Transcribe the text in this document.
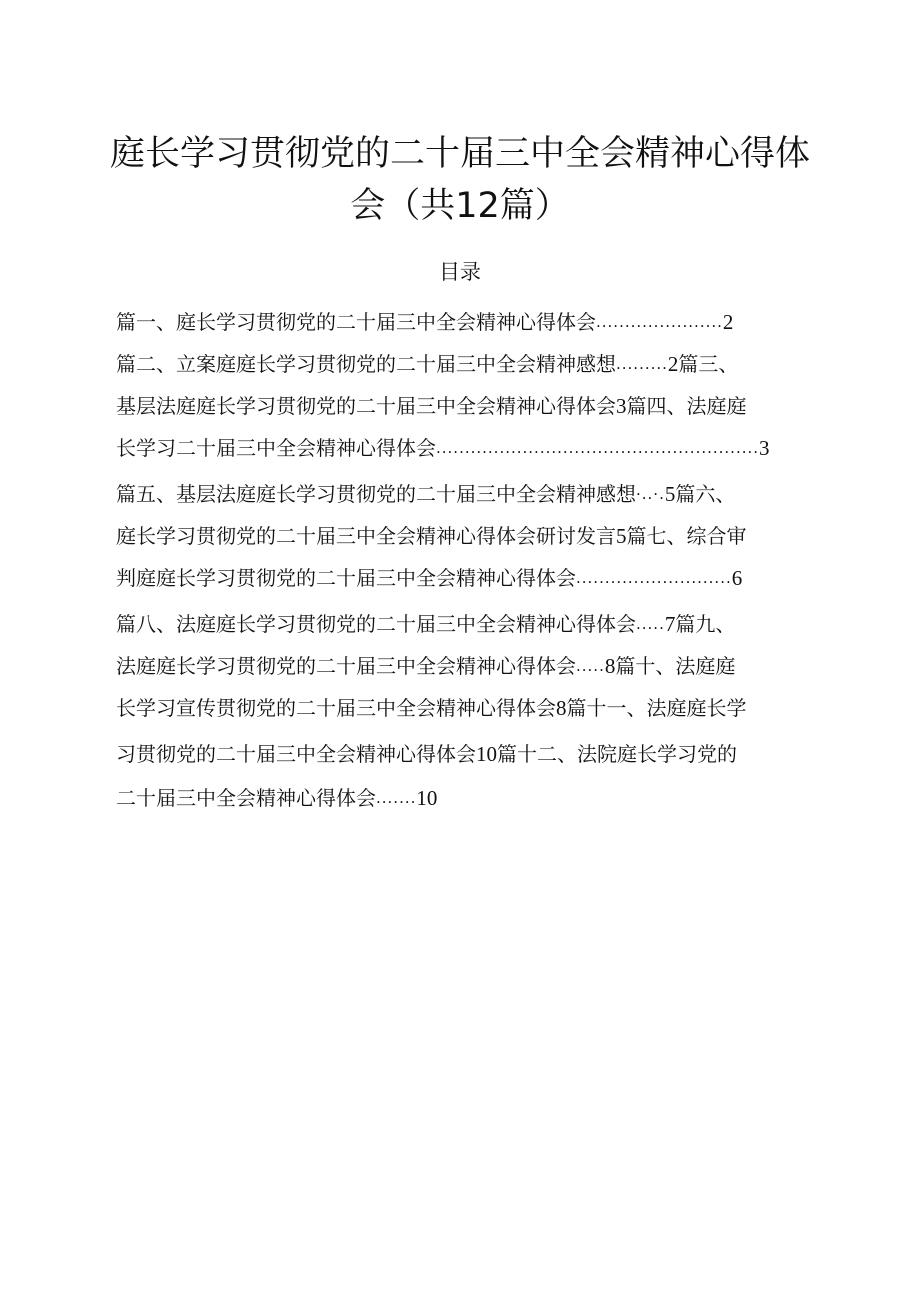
庭长学习贯彻党的二十届三中全会精神心得体
会（共12篇）
目录
篇一、庭长学习贯彻党的二十届三中全会精神心得体会......................2
篇二、立案庭庭长学习贯彻党的二十届三中全会精神感想.........2篇三、
基层法庭庭长学习贯彻党的二十届三中全会精神心得体会3篇四、法庭庭
长学习二十届三中全会精神心得体会........................................................3
篇五、基层法庭庭长学习贯彻党的二十届三中全会精神感想·..·.5篇六、
庭长学习贯彻党的二十届三中全会精神心得体会研讨发言5篇七、综合审
判庭庭长学习贯彻党的二十届三中全会精神心得体会...........................6
篇八、法庭庭长学习贯彻党的二十届三中全会精神心得体会.....7篇九、
法庭庭长学习贯彻党的二十届三中全会精神心得体会.....8篇十、法庭庭
长学习宣传贯彻党的二十届三中全会精神心得体会8篇十一、法庭庭长学
习贯彻党的二十届三中全会精神心得体会10篇十二、法院庭长学习党的
二十届三中全会精神心得体会.......10
